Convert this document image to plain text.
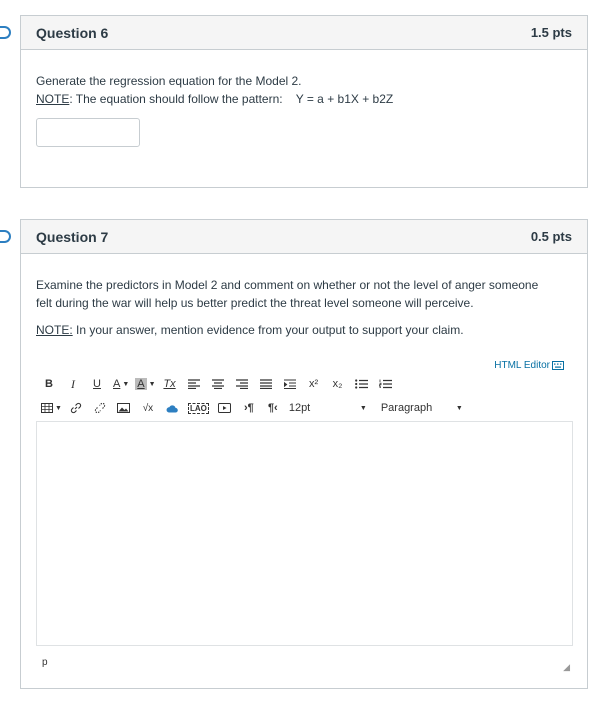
Question 6	1.5 pts
Generate the regression equation for the Model 2.
NOTE: The equation should follow the pattern:    Y = a + b1X + b2Z
Question 7	0.5 pts
Examine the predictors in Model 2 and comment on whether or not the level of anger someone felt during the war will help us better predict the threat level someone will perceive.
NOTE: In your answer, mention evidence from your output to support your claim.
HTML Editor
B	I	U	A ▼ A ▼ Tx	x²	x₂
▼	√x	LAO	›¶ ¶‹ 12pt	▼ Paragraph	▼
p	◢
